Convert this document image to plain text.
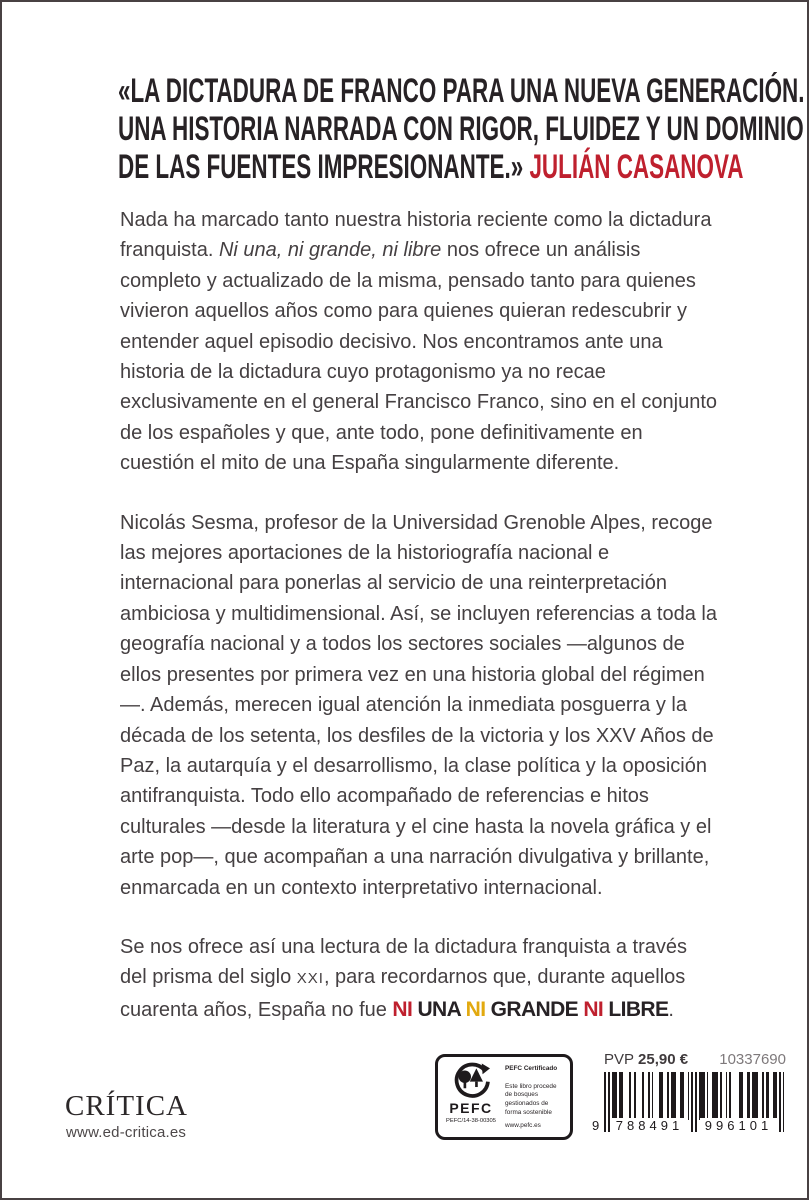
«LA DICTADURA DE FRANCO PARA UNA NUEVA GENERACIÓN.
UNA HISTORIA NARRADA CON RIGOR, FLUIDEZ Y UN DOMINIO
DE LAS FUENTES IMPRESIONANTE.» JULIÁN CASANOVA

Nada ha marcado tanto nuestra historia reciente como la dictadura franquista. Ni una, ni grande, ni libre nos ofrece un análisis completo y actualizado de la misma, pensado tanto para quienes vivieron aquellos años como para quienes quieran redescubrir y entender aquel episodio decisivo. Nos encontramos ante una historia de la dictadura cuyo protagonismo ya no recae exclusivamente en el general Francisco Franco, sino en el conjunto de los españoles y que, ante todo, pone definitivamente en cuestión el mito de una España singularmente diferente.

Nicolás Sesma, profesor de la Universidad Grenoble Alpes, recoge las mejores aportaciones de la historiografía nacional e internacional para ponerlas al servicio de una reinterpretación ambiciosa y multidimensional. Así, se incluyen referencias a toda la geografía nacional y a todos los sectores sociales —algunos de ellos presentes por primera vez en una historia global del régimen—. Además, merecen igual atención la inmediata posguerra y la década de los setenta, los desfiles de la victoria y los XXV Años de Paz, la autarquía y el desarrollismo, la clase política y la oposición antifranquista. Todo ello acompañado de referencias e hitos culturales —desde la literatura y el cine hasta la novela gráfica y el arte pop—, que acompañan a una narración divulgativa y brillante, enmarcada en un contexto interpretativo internacional.

Se nos ofrece así una lectura de la dictadura franquista a través del prisma del siglo XXI, para recordarnos que, durante aquellos cuarenta años, España no fue NI UNA NI GRANDE NI LIBRE.

CRÍTICA
www.ed-critica.es
PEFC
PEFC/14-38-00305
PEFC Certificado
Este libro procede de bosques gestionados de forma sostenible
www.pefc.es
PVP 25,90 € 10337690
9	788491	996101
